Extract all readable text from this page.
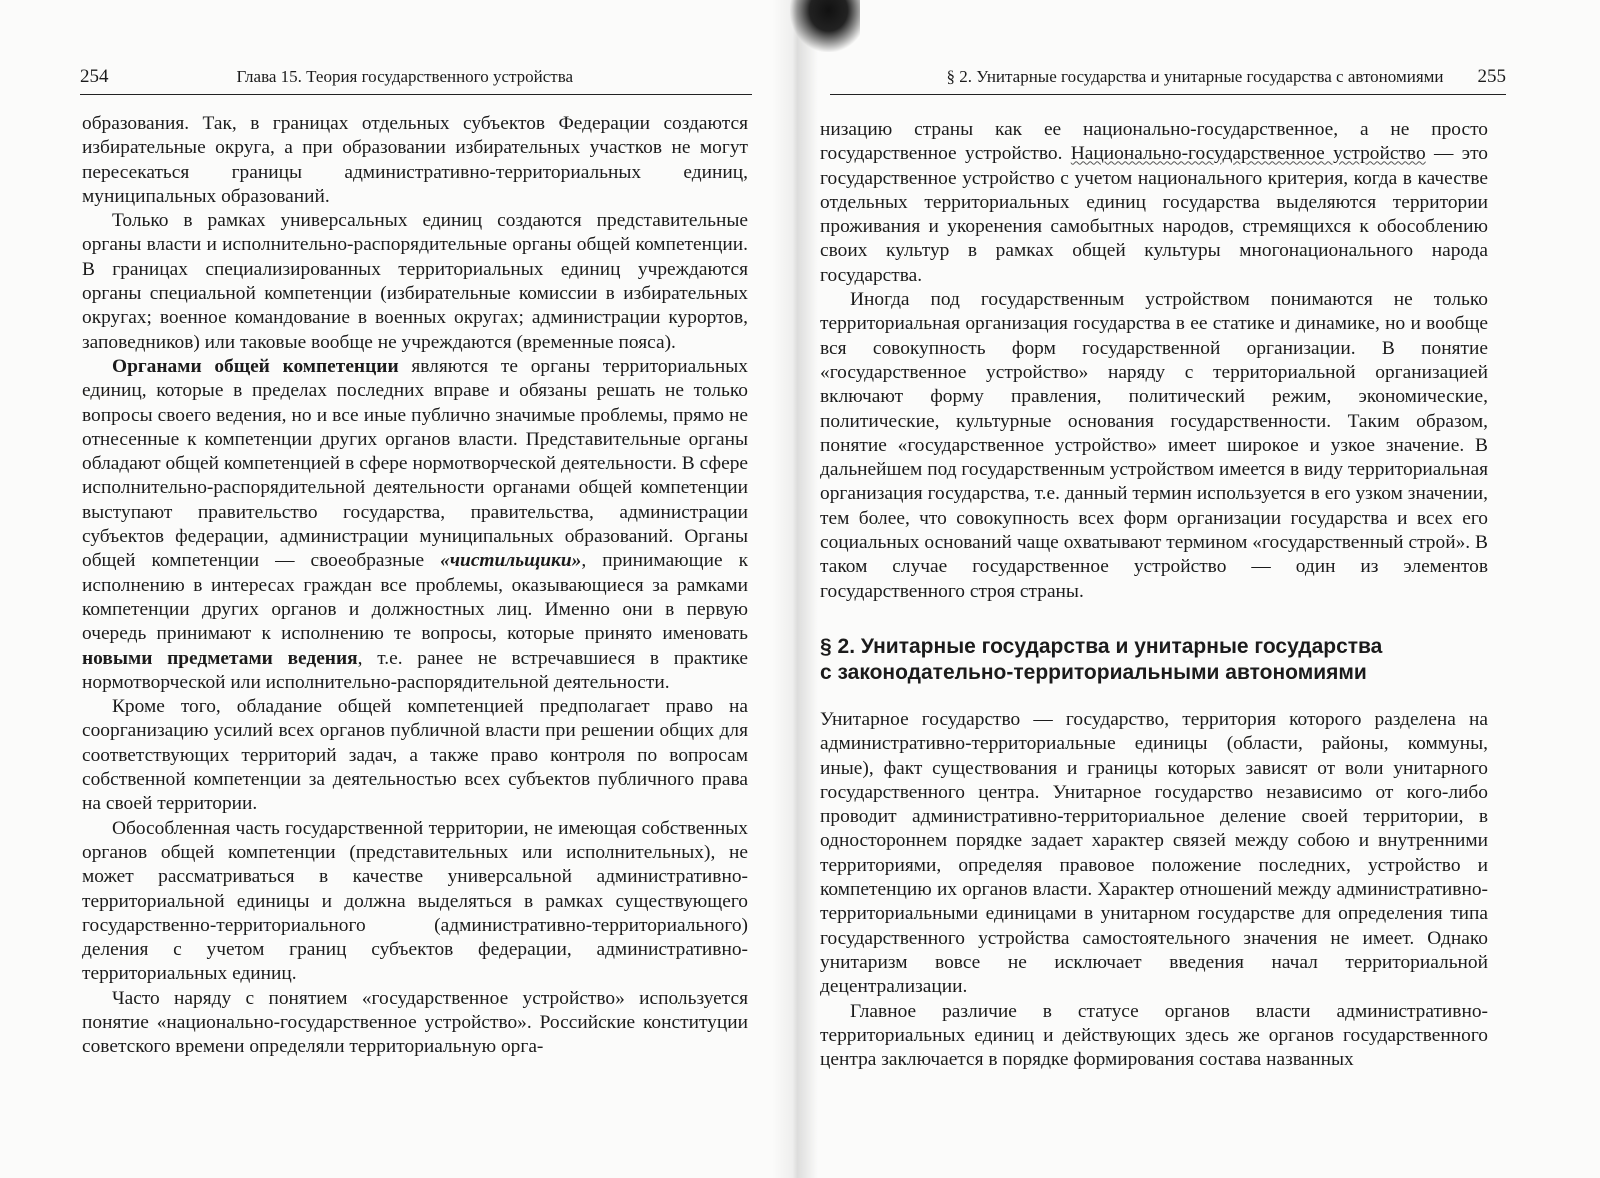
254	Глава 15. Теория государственного устройства

образования. Так, в границах отдельных субъектов Федерации создаются избирательные округа, а при образовании избирательных участков не могут пересекаться границы административно-территориальных единиц, муниципальных образований.

Только в рамках универсальных единиц создаются представительные органы власти и исполнительно-распорядительные органы общей компетенции. В границах специализированных территориальных единиц учреждаются органы специальной компетенции (избирательные комиссии в избирательных округах; военное командование в военных округах; администрации курортов, заповедников) или таковые вообще не учреждаются (временные пояса).

Органами общей компетенции являются те органы территориальных единиц, которые в пределах последних вправе и обязаны решать не только вопросы своего ведения, но и все иные публично значимые проблемы, прямо не отнесенные к компетенции других органов власти. Представительные органы обладают общей компетенцией в сфере нормотворческой деятельности. В сфере исполнительно-распорядительной деятельности органами общей компетенции выступают правительство государства, правительства, администрации субъектов федерации, администрации муниципальных образований. Органы общей компетенции — своеобразные «чистильщики», принимающие к исполнению в интересах граждан все проблемы, оказывающиеся за рамками компетенции других органов и должностных лиц. Именно они в первую очередь принимают к исполнению те вопросы, которые принято именовать новыми предметами ведения, т.е. ранее не встречавшиеся в практике нормотворческой или исполнительно-распорядительной деятельности.

Кроме того, обладание общей компетенцией предполагает право на соорганизацию усилий всех органов публичной власти при решении общих для соответствующих территорий задач, а также право контроля по вопросам собственной компетенции за деятельностью всех субъектов публичного права на своей территории.

Обособленная часть государственной территории, не имеющая собственных органов общей компетенции (представительных или исполнительных), не может рассматриваться в качестве универсальной административно-территориальной единицы и должна выделяться в рамках существующего государственно-территориального (административно-территориального) деления с учетом границ субъектов федерации, административно-территориальных единиц.

Часто наряду с понятием «государственное устройство» используется понятие «национально-государственное устройство». Российские конституции советского времени определяли территориальную орга-

§ 2. Унитарные государства и унитарные государства с автономиями 255

низацию страны как ее национально-государственное, а не просто государственное устройство. Национально-государственное устройство — это государственное устройство с учетом национального критерия, когда в качестве отдельных территориальных единиц государства выделяются территории проживания и укоренения самобытных народов, стремящихся к обособлению своих культур в рамках общей культуры многонационального народа государства.

Иногда под государственным устройством понимаются не только территориальная организация государства в ее статике и динамике, но и вообще вся совокупность форм государственной организации. В понятие «государственное устройство» наряду с территориальной организацией включают форму правления, политический режим, экономические, политические, культурные основания государственности. Таким образом, понятие «государственное устройство» имеет широкое и узкое значение. В дальнейшем под государственным устройством имеется в виду территориальная организация государства, т.е. данный термин используется в его узком значении, тем более, что совокупность всех форм организации государства и всех его социальных оснований чаще охватывают термином «государственный строй». В таком случае государственное устройство — один из элементов государственного строя страны.

§ 2. Унитарные государства и унитарные государства
с законодательно-территориальными автономиями

Унитарное государство — государство, территория которого разделена на административно-территориальные единицы (области, районы, коммуны, иные), факт существования и границы которых зависят от воли унитарного государственного центра. Унитарное государство независимо от кого-либо проводит административно-территориальное деление своей территории, в одностороннем порядке задает характер связей между собою и внутренними территориями, определяя правовое положение последних, устройство и компетенцию их органов власти. Характер отношений между административно-территориальными единицами в унитарном государстве для определения типа государственного устройства самостоятельного значения не имеет. Однако унитаризм вовсе не исключает введения начал территориальной децентрализации.

Главное различие в статусе органов власти административно-территориальных единиц и действующих здесь же органов государственного центра заключается в порядке формирования состава названных
